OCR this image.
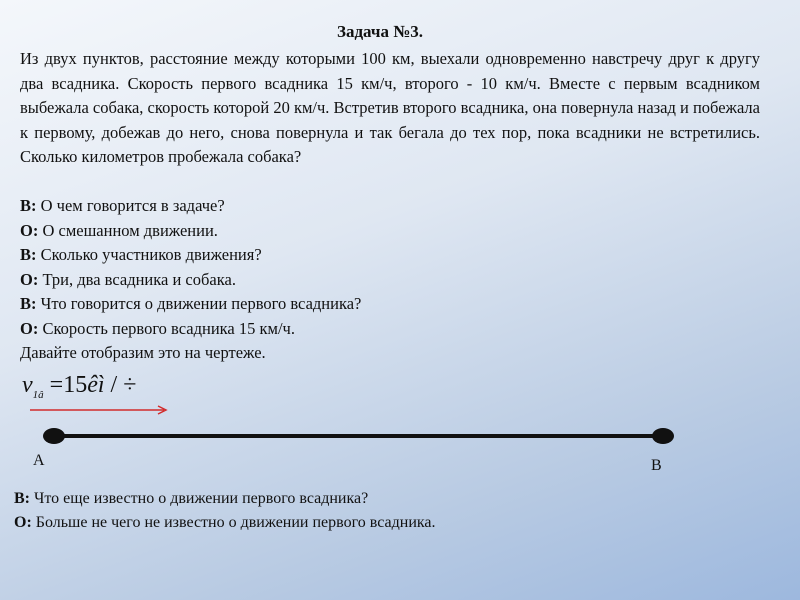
Задача №3.
Из двух пунктов, расстояние между которыми 100 км, выехали одновременно навстречу друг к другу два всадника. Скорость первого всадника 15 км/ч, второго - 10 км/ч. Вместе с первым всадником выбежала собака, скорость которой 20 км/ч. Встретив второго всадника, она повернула назад и побежала к первому, добежав до него, снова повернула и так бегала до тех пор, пока всадники не встретились. Сколько километров пробежала собака?
В: О чем говорится в задаче?
О: О смешанном движении.
В: Сколько участников движения?
О: Три, два всадника и собака.
В: Что говорится о движении первого всадника?
О: Скорость первого всадника 15 км/ч.
Давайте отобразим это на чертеже.
$v_{1â}$ =15êì / ÷
A	B
В: Что еще известно о движении первого всадника?
О: Больше не чего не известно о движении первого всадника.
